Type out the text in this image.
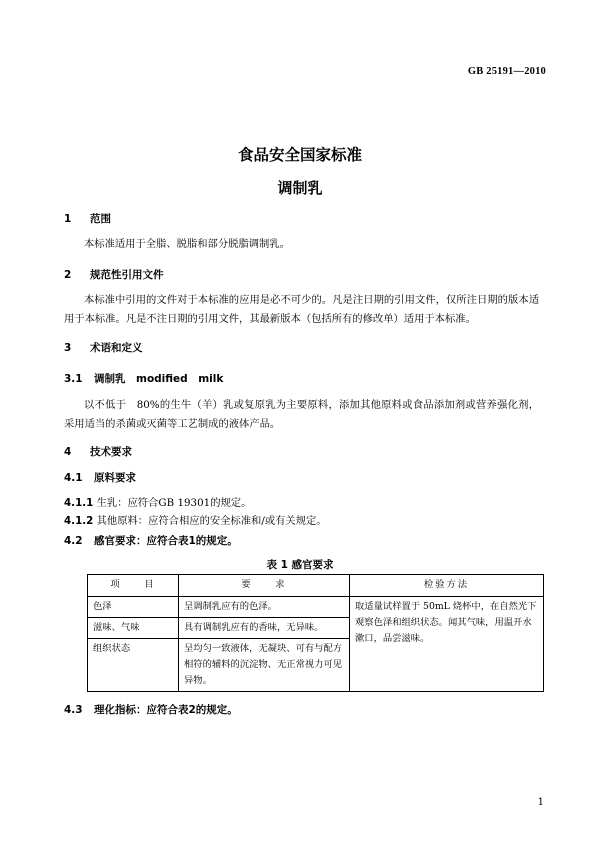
GB 25191—2010
食品安全国家标准
调制乳
1 范围
本标准适用于全脂、脱脂和部分脱脂调制乳。
2 规范性引用文件
本标准中引用的文件对于本标准的应用是必不可少的。凡是注日期的引用文件，仅所注日期的版本适用于本标准。凡是不注日期的引用文件，其最新版本（包括所有的修改单）适用于本标准。
3 术语和定义
3.1 调制乳　modified　milk
以不低于　80%的生牛（羊）乳或复原乳为主要原料，添加其他原料或食品添加剂或营养强化剂，采用适当的杀菌或灭菌等工艺制成的液体产品。
4 技术要求
4.1 原料要求
4.1.1 生乳：应符合GB 19301的规定。
4.1.2 其他原料：应符合相应的安全标准和/或有关规定。
4.2 感官要求：应符合表1的规定。
表 1 感官要求
项　　目	要　　求	检验方法
色泽	呈调制乳应有的色泽。	取适量试样置于 50mL 烧杯中，在自然光下观察色泽和组织状态。闻其气味，用温开水漱口，品尝滋味。
滋味、气味	具有调制乳应有的香味，无异味。	
组织状态	呈均匀一致液体，无凝块、可有与配方相符的辅料的沉淀物、无正常视力可见异物。	
4.3 理化指标：应符合表2的规定。
1
